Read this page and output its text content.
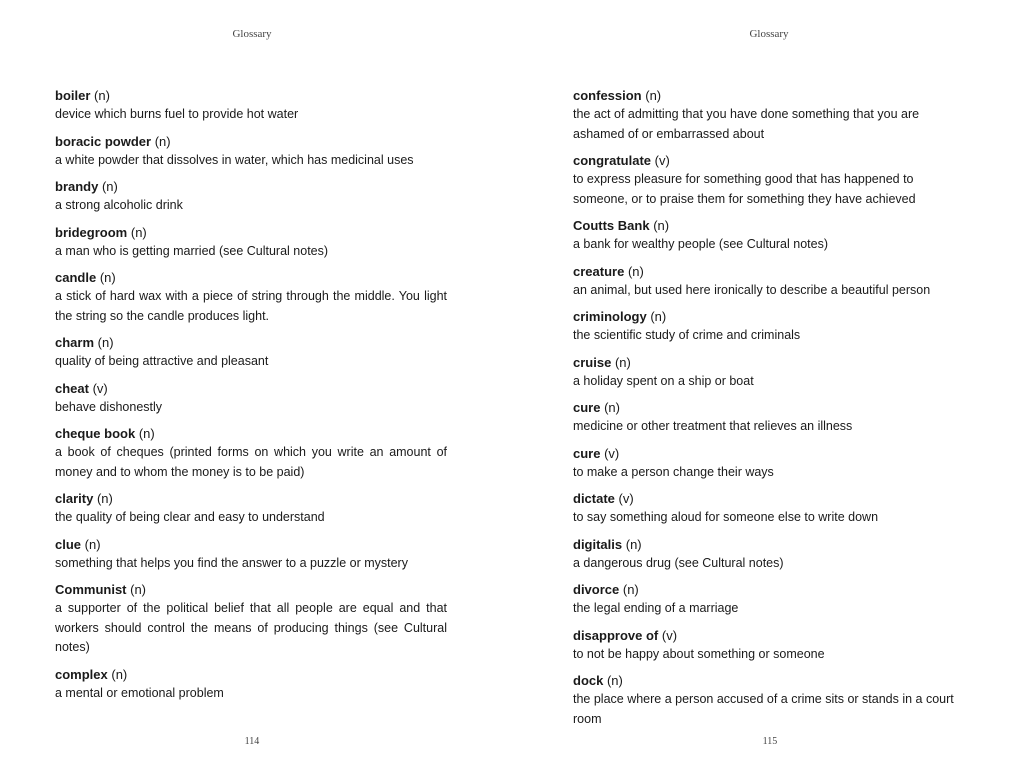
Glossary
boiler (n)
device which burns fuel to provide hot water
boracic powder (n)
a white powder that dissolves in water, which has medicinal uses
brandy (n)
a strong alcoholic drink
bridegroom (n)
a man who is getting married (see Cultural notes)
candle (n)
a stick of hard wax with a piece of string through the middle. You light the string so the candle produces light.
charm (n)
quality of being attractive and pleasant
cheat (v)
behave dishonestly
cheque book (n)
a book of cheques (printed forms on which you write an amount of money and to whom the money is to be paid)
clarity (n)
the quality of being clear and easy to understand
clue (n)
something that helps you find the answer to a puzzle or mystery
Communist (n)
a supporter of the political belief that all people are equal and that workers should control the means of producing things (see Cultural notes)
complex (n)
a mental or emotional problem
114
Glossary
confession (n)
the act of admitting that you have done something that you are ashamed of or embarrassed about
congratulate (v)
to express pleasure for something good that has happened to someone, or to praise them for something they have achieved
Coutts Bank (n)
a bank for wealthy people (see Cultural notes)
creature (n)
an animal, but used here ironically to describe a beautiful person
criminology (n)
the scientific study of crime and criminals
cruise (n)
a holiday spent on a ship or boat
cure (n)
medicine or other treatment that relieves an illness
cure (v)
to make a person change their ways
dictate (v)
to say something aloud for someone else to write down
digitalis (n)
a dangerous drug (see Cultural notes)
divorce (n)
the legal ending of a marriage
disapprove of (v)
to not be happy about something or someone
dock (n)
the place where a person accused of a crime sits or stands in a court room
115
